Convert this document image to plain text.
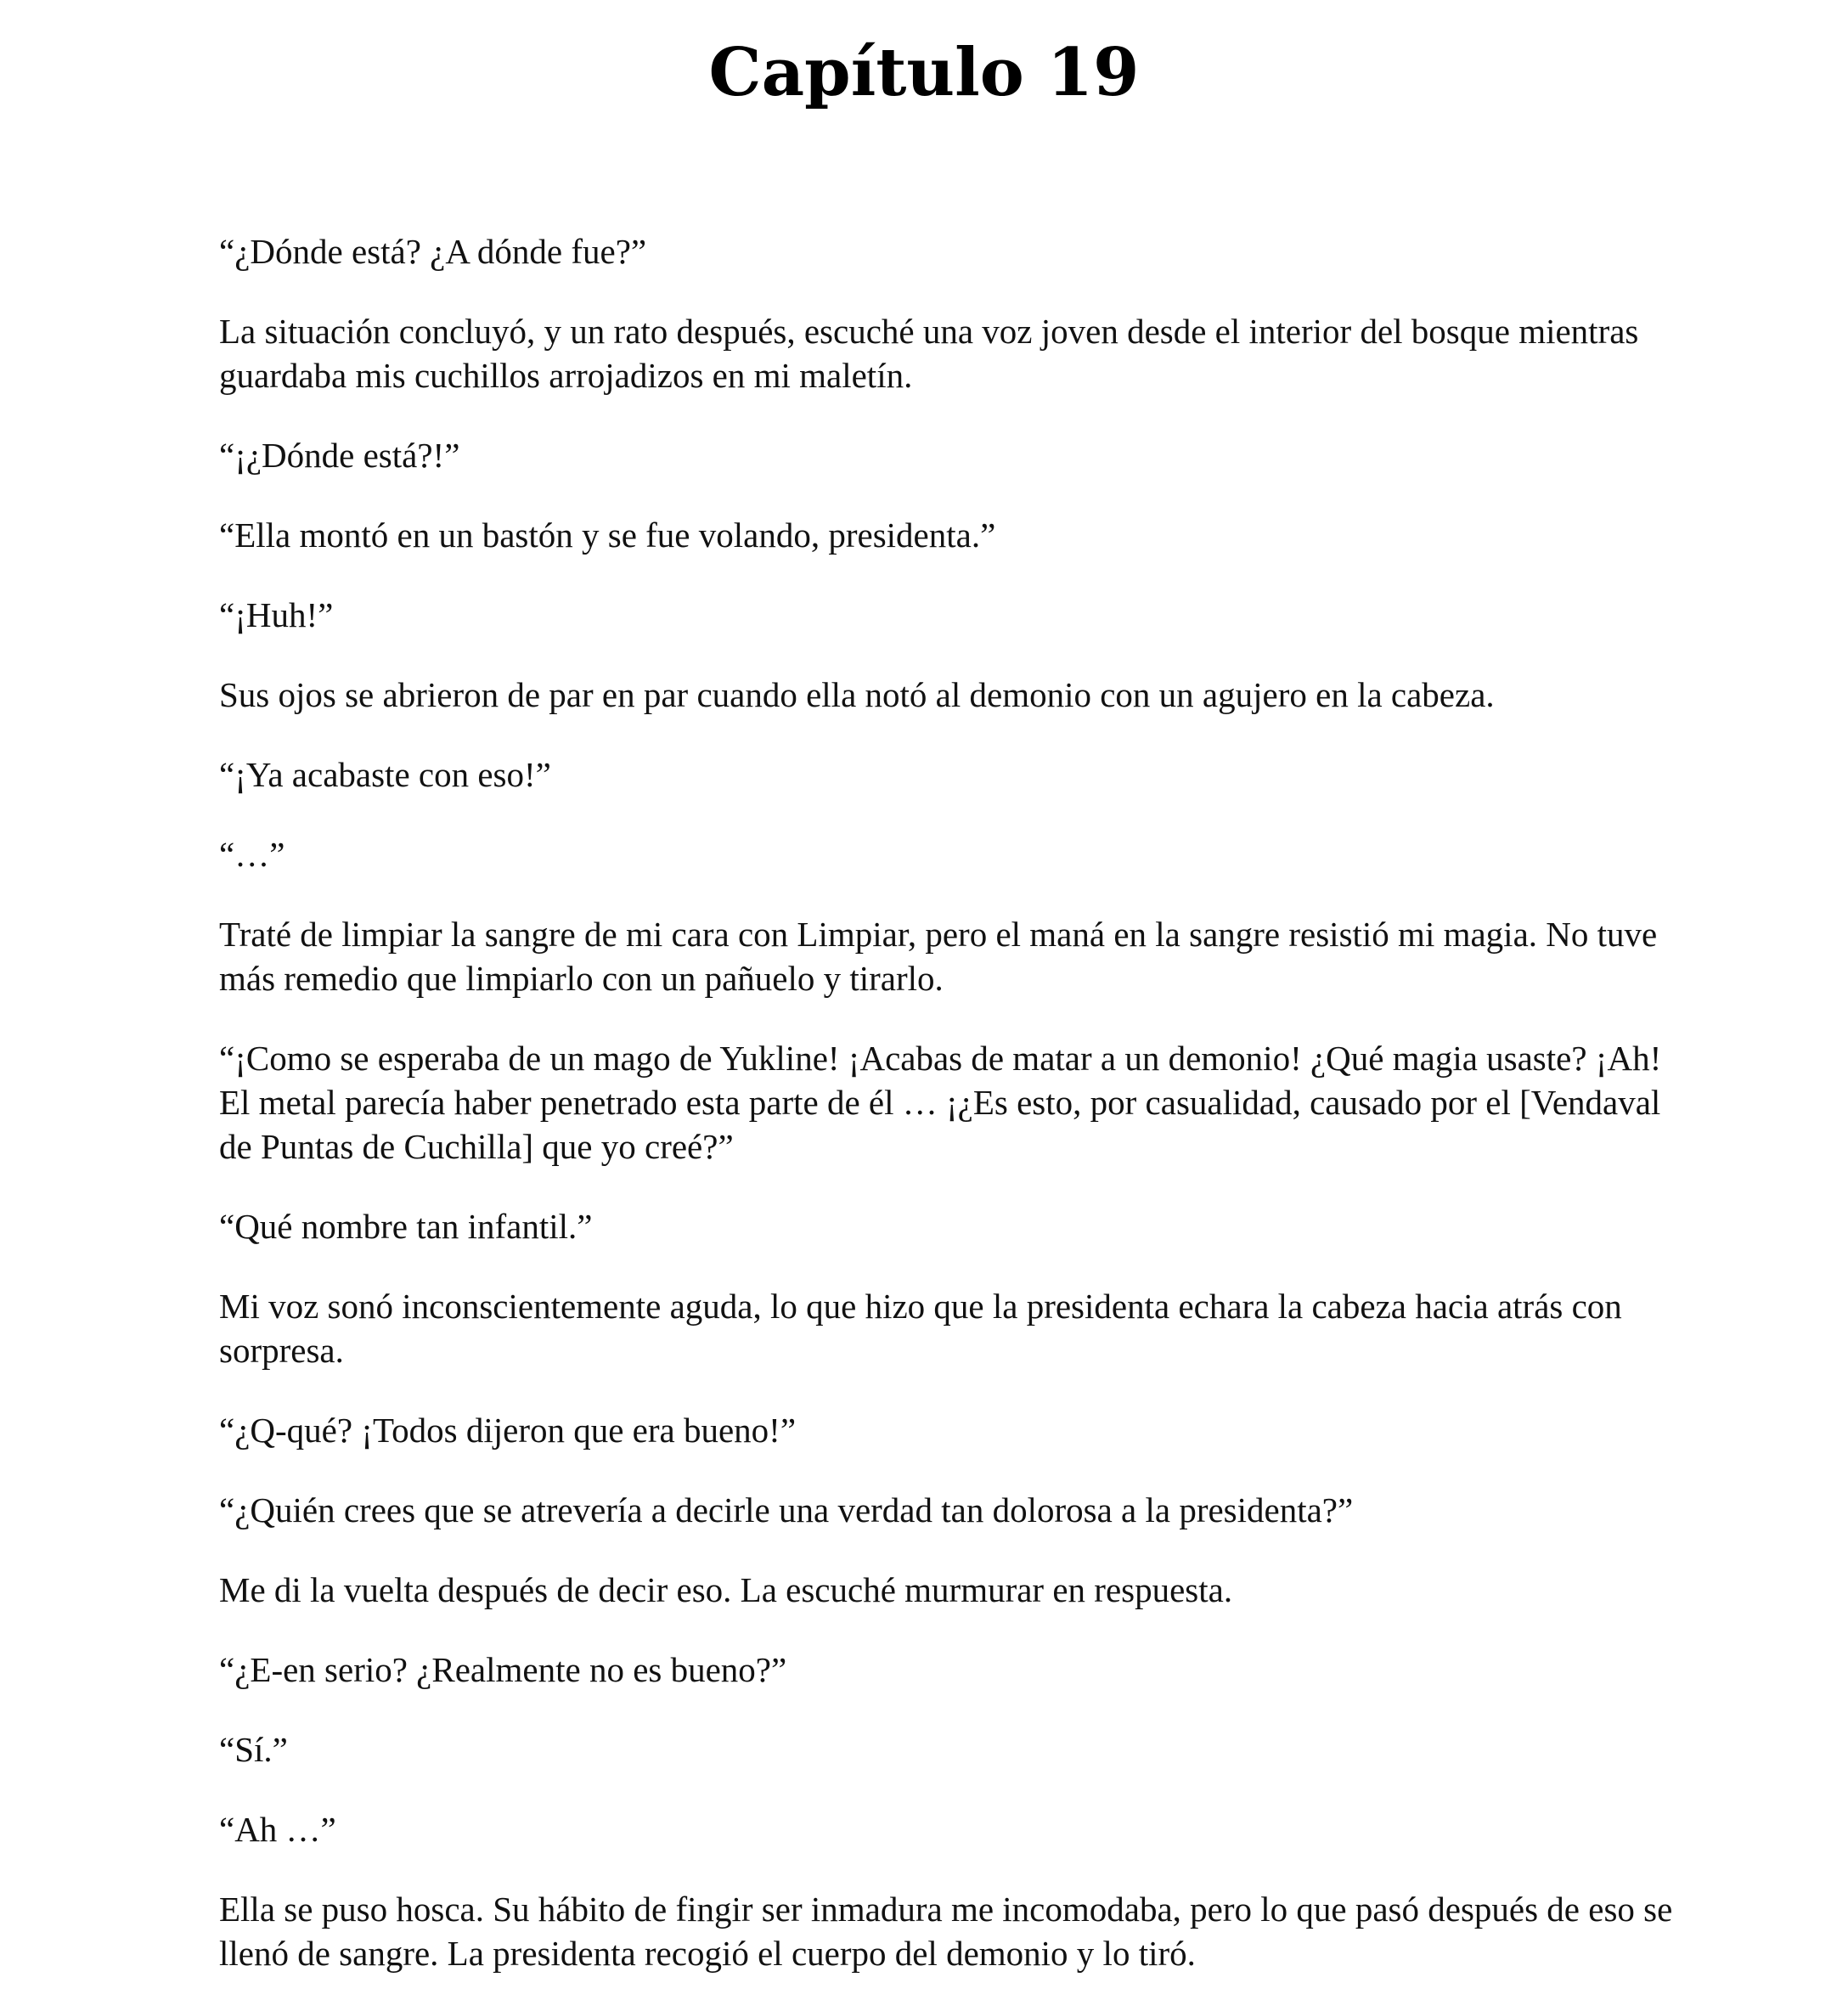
Capítulo 19

“¿Dónde está? ¿A dónde fue?”

La situación concluyó, y un rato después, escuché una voz joven desde el interior del bosque mientras guardaba mis cuchillos arrojadizos en mi maletín.

“¡¿Dónde está?!”

“Ella montó en un bastón y se fue volando, presidenta.”

“¡Huh!”

Sus ojos se abrieron de par en par cuando ella notó al demonio con un agujero en la cabeza.

“¡Ya acabaste con eso!”

“…”

Traté de limpiar la sangre de mi cara con Limpiar, pero el maná en la sangre resistió mi magia. No tuve más remedio que limpiarlo con un pañuelo y tirarlo.

“¡Como se esperaba de un mago de Yukline! ¡Acabas de matar a un demonio! ¿Qué magia usaste? ¡Ah! El metal parecía haber penetrado esta parte de él … ¡¿Es esto, por casualidad, causado por el [Vendaval de Puntas de Cuchilla] que yo creé?”

“Qué nombre tan infantil.”

Mi voz sonó inconscientemente aguda, lo que hizo que la presidenta echara la cabeza hacia atrás con sorpresa.

“¿Q-qué? ¡Todos dijeron que era bueno!”

“¿Quién crees que se atrevería a decirle una verdad tan dolorosa a la presidenta?”

Me di la vuelta después de decir eso. La escuché murmurar en respuesta.

“¿E-en serio? ¿Realmente no es bueno?”

“Sí.”

“Ah …”

Ella se puso hosca. Su hábito de fingir ser inmadura me incomodaba, pero lo que pasó después de eso se llenó de sangre. La presidenta recogió el cuerpo del demonio y lo tiró.
